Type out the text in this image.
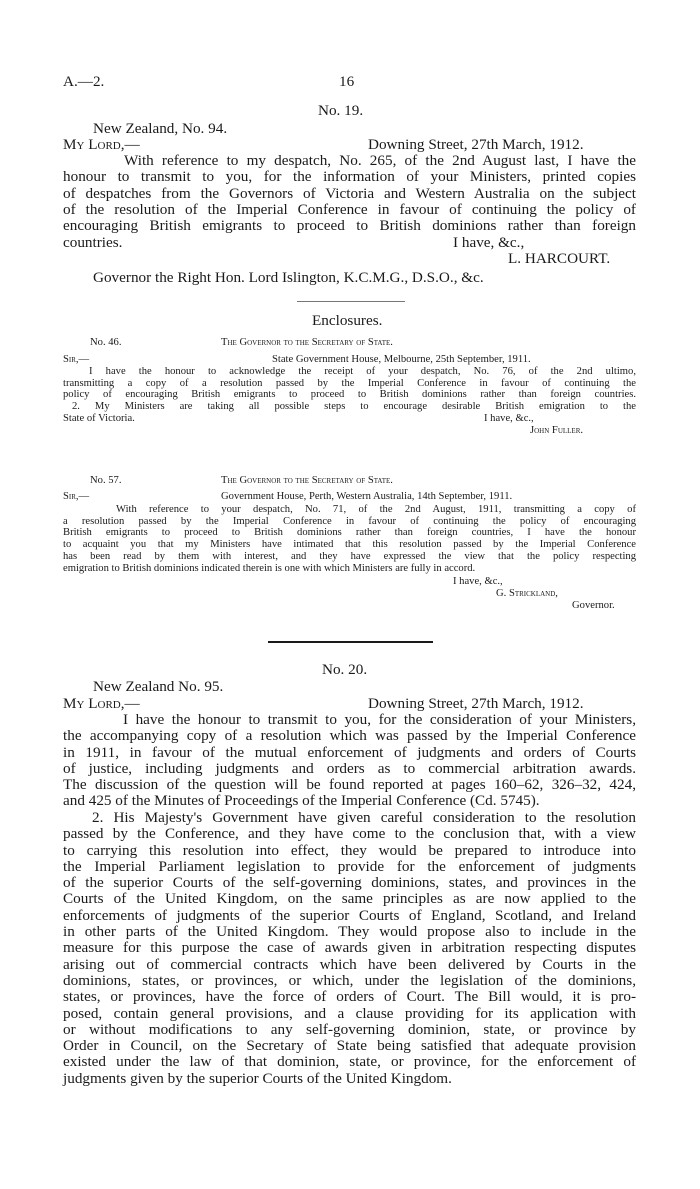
A.—2.	16
No. 19.
New Zealand, No. 94.
My Lord,—	Downing Street, 27th March, 1912.
With reference to my despatch, No. 265, of the 2nd August last, I have the
honour to transmit to you, for the information of your Ministers, printed copies
of despatches from the Governors of Victoria and Western Australia on the subject
of the resolution of the Imperial Conference in favour of continuing the policy of
encouraging British emigrants to proceed to British dominions rather than foreign
countries.	I have, &c.,
L. HARCOURT.
Governor the Right Hon. Lord Islington, K.C.M.G., D.S.O., &c.
Enclosures.
No. 46.	The Governor to the Secretary of State.
Sir,—	State Government House, Melbourne, 25th September, 1911.
I have the honour to acknowledge the receipt of your despatch, No. 76, of the 2nd ultimo,
transmitting a copy of a resolution passed by the Imperial Conference in favour of continuing the
policy of encouraging British emigrants to proceed to British dominions rather than foreign countries.
2. My Ministers are taking all possible steps to encourage desirable British emigration to the
State of Victoria.	I have, &c.,
John Fuller.
No. 57.	The Governor to the Secretary of State.
Sir,—	Government House, Perth, Western Australia, 14th September, 1911.
With reference to your despatch, No. 71, of the 2nd August, 1911, transmitting a copy of
a resolution passed by the Imperial Conference in favour of continuing the policy of encouraging
British emigrants to proceed to British dominions rather than foreign countries, I have the honour
to acquaint you that my Ministers have intimated that this resolution passed by the Imperial Conference
has been read by them with interest, and they have expressed the view that the policy respecting
emigration to British dominions indicated therein is one with which Ministers are fully in accord.
I have, &c.,
G. Strickland,
Governor.
No. 20.
New Zealand No. 95.
My Lord,—	Downing Street, 27th March, 1912.
I have the honour to transmit to you, for the consideration of your Ministers,
the accompanying copy of a resolution which was passed by the Imperial Conference
in 1911, in favour of the mutual enforcement of judgments and orders of Courts
of justice, including judgments and orders as to commercial arbitration awards.
The discussion of the question will be found reported at pages 160–62, 326–32, 424,
and 425 of the Minutes of Proceedings of the Imperial Conference (Cd. 5745).
2. His Majesty's Government have given careful consideration to the resolution
passed by the Conference, and they have come to the conclusion that, with a view
to carrying this resolution into effect, they would be prepared to introduce into
the Imperial Parliament legislation to provide for the enforcement of judgments
of the superior Courts of the self-governing dominions, states, and provinces in the
Courts of the United Kingdom, on the same principles as are now applied to the
enforcements of judgments of the superior Courts of England, Scotland, and Ireland
in other parts of the United Kingdom. They would propose also to include in the
measure for this purpose the case of awards given in arbitration respecting disputes
arising out of commercial contracts which have been delivered by Courts in the
dominions, states, or provinces, or which, under the legislation of the dominions,
states, or provinces, have the force of orders of Court. The Bill would, it is pro-
posed, contain general provisions, and a clause providing for its application with
or without modifications to any self-governing dominion, state, or province by
Order in Council, on the Secretary of State being satisfied that adequate provision
existed under the law of that dominion, state, or province, for the enforcement of
judgments given by the superior Courts of the United Kingdom.
